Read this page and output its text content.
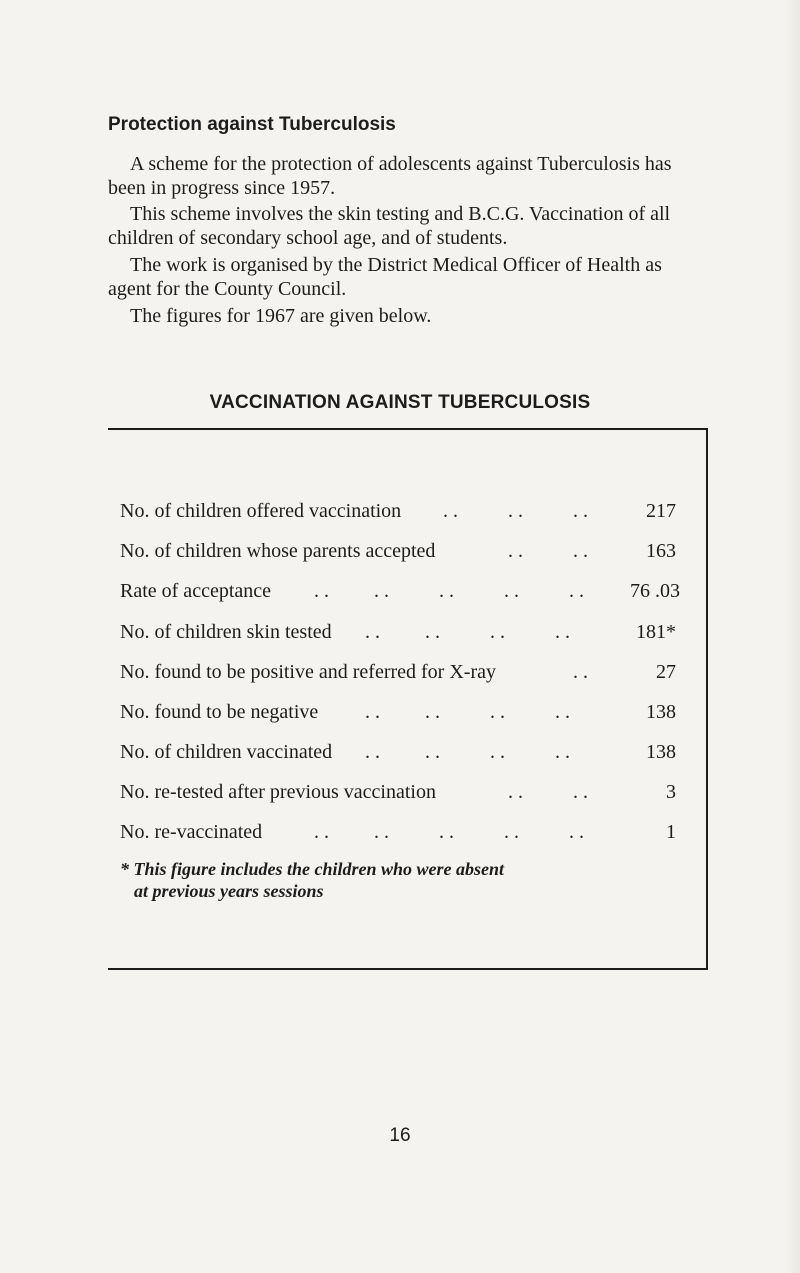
Protection against Tuberculosis

A scheme for the protection of adolescents against Tuberculosis has been in progress since 1957.

This scheme involves the skin testing and B.C.G. Vaccination of all children of secondary school age, and of students.

The work is organised by the District Medical Officer of Health as agent for the County Council.

The figures for 1967 are given below.

VACCINATION AGAINST TUBERCULOSIS
No. of children offered vaccination . .          . .          . .	217
No. of children whose parents accepted	. .          . .	163
Rate of acceptance . .         . .          . .          . .          . . 76 .03
No. of children skin tested . .         . .          . .          . .	181*
No. found to be positive and referred for X-ray	. .	27
No. found to be negative . .         . .          . .          . .	138
No. of children vaccinated . .         . .          . .          . .	138
No. re-tested after previous vaccination	. .          . .	3
No. re-vaccinated	. .         . .          . .          . .          . .	1
* This figure includes the children who were absent
at previous years sessions
16
